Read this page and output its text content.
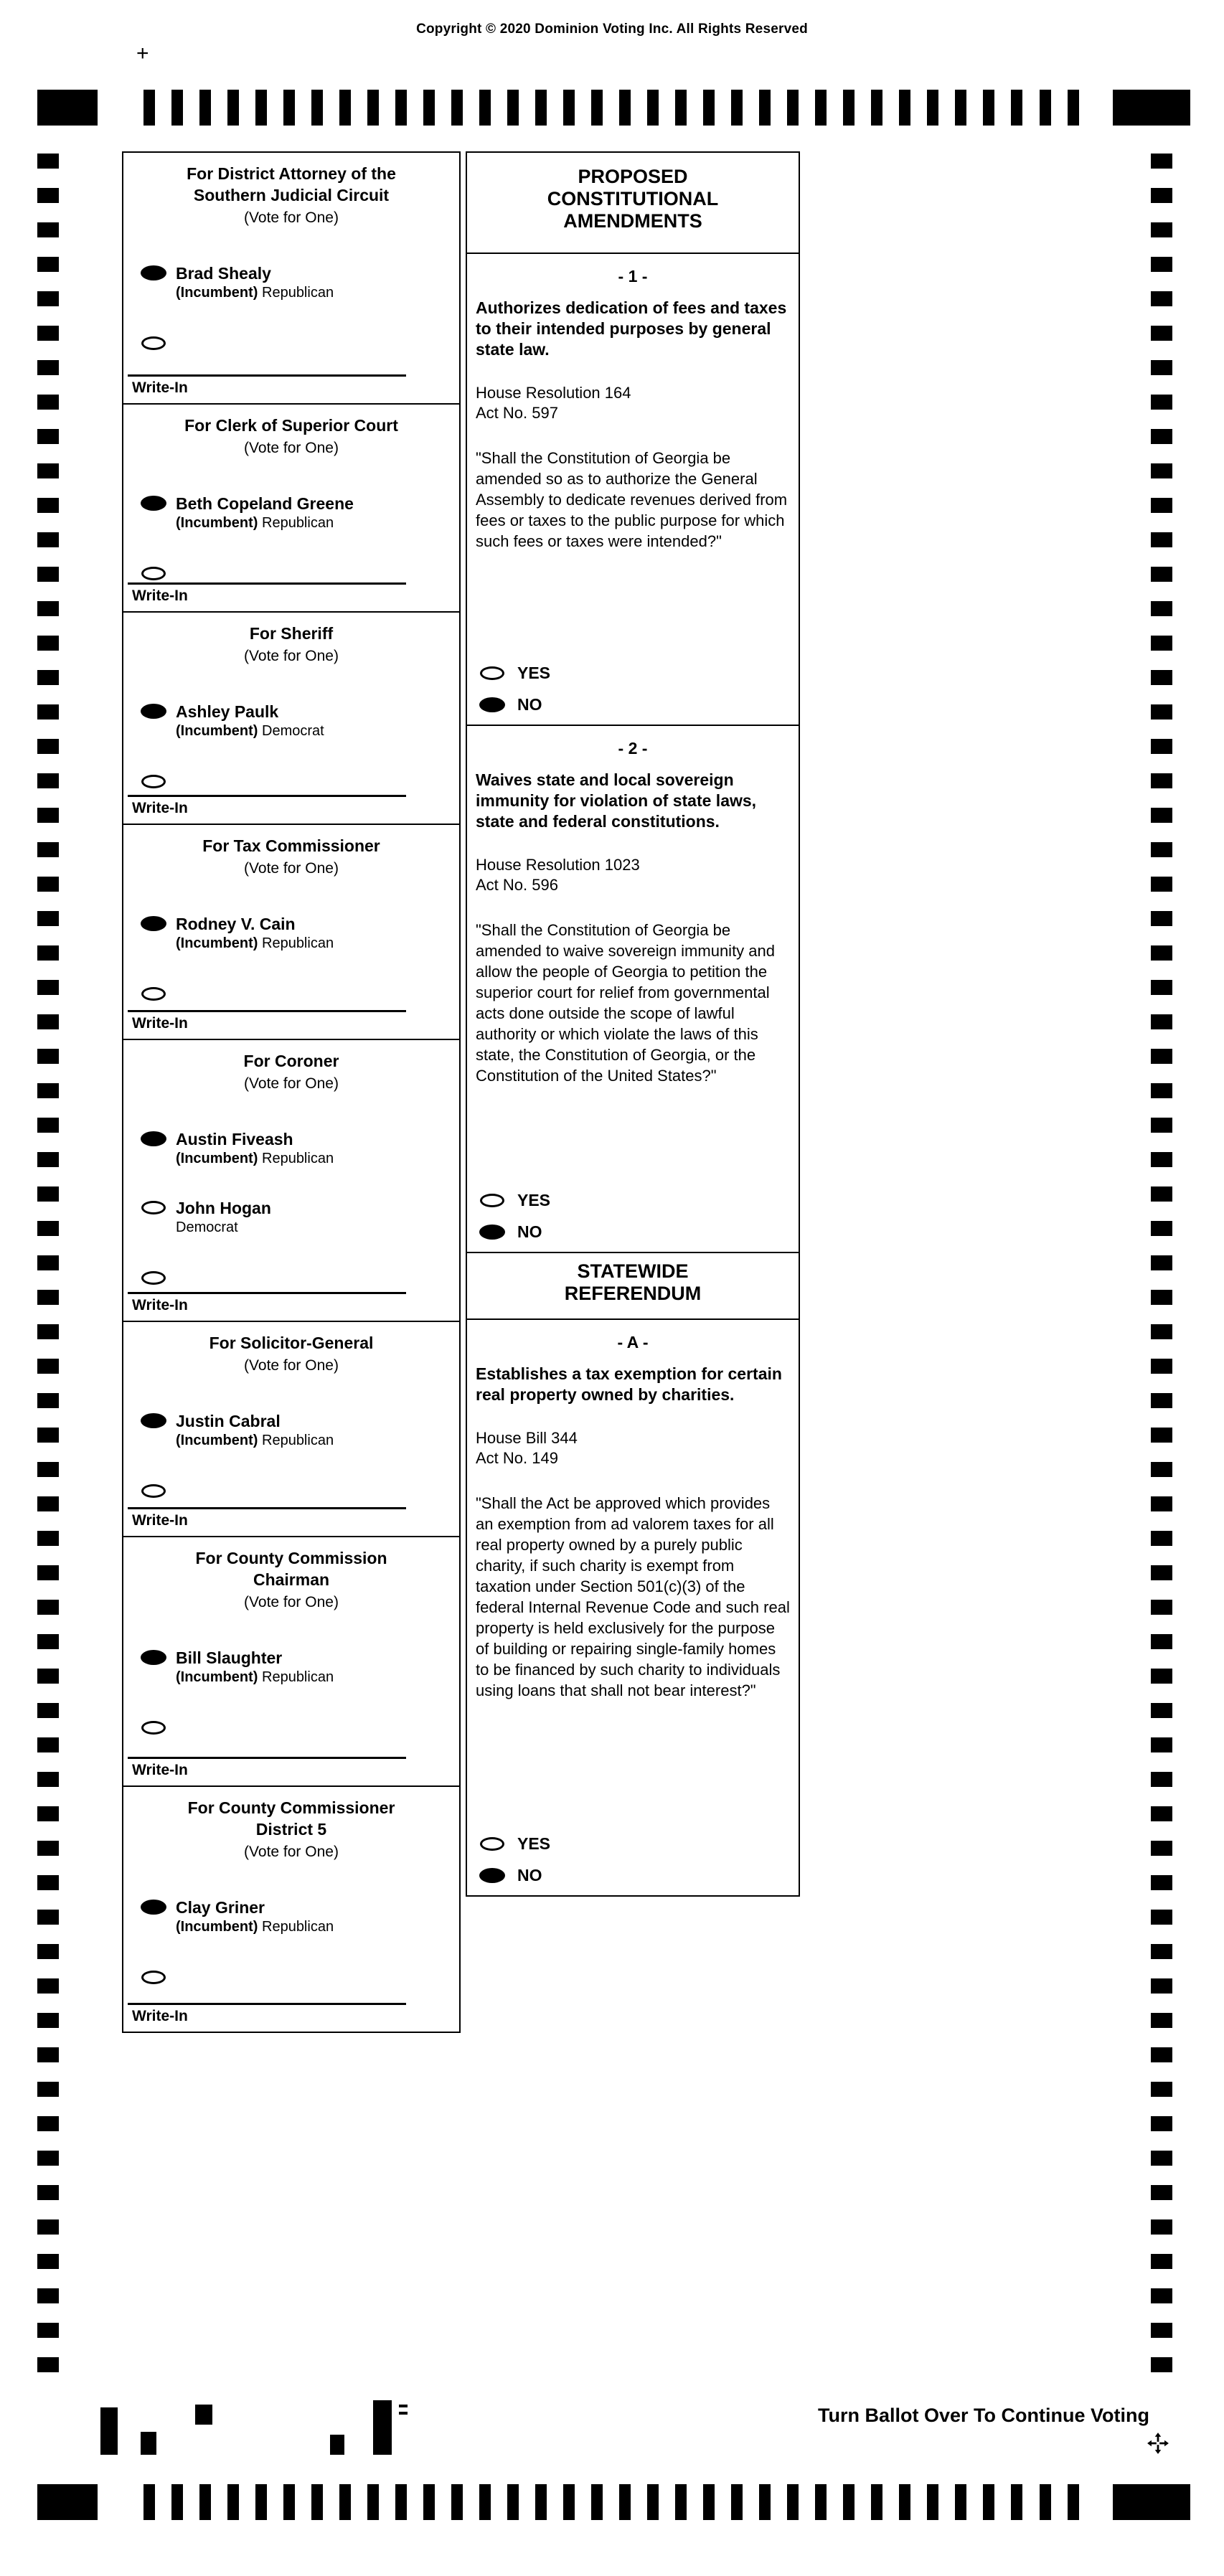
Copyright © 2020 Dominion Voting Inc. All Rights Reserved
+
For District Attorney of the
Southern Judicial Circuit
(Vote for One)
Brad Shealy
(Incumbent) Republican
Write-In
For Clerk of Superior Court
(Vote for One)
Beth Copeland Greene
(Incumbent) Republican
Write-In
For Sheriff
(Vote for One)
Ashley Paulk
(Incumbent) Democrat
Write-In
For Tax Commissioner
(Vote for One)
Rodney V. Cain
(Incumbent) Republican
Write-In
For Coroner
(Vote for One)
Austin Fiveash
(Incumbent) Republican
John Hogan
Democrat
Write-In
For Solicitor-General
(Vote for One)
Justin Cabral
(Incumbent) Republican
Write-In
For County Commission
Chairman
(Vote for One)
Bill Slaughter
(Incumbent) Republican
Write-In
For County Commissioner
District 5
(Vote for One)
Clay Griner
(Incumbent) Republican
Write-In
PROPOSED
CONSTITUTIONAL
AMENDMENTS
- 1 -
Authorizes dedication of fees and taxes to their intended purposes by general state law.
House Resolution 164
Act No. 597
"Shall the Constitution of Georgia be amended so as to authorize the General Assembly to dedicate revenues derived from fees or taxes to the public purpose for which such fees or taxes were intended?"
YES
NO
- 2 -
Waives state and local sovereign immunity for violation of state laws, state and federal constitutions.
House Resolution 1023
Act No. 596
"Shall the Constitution of Georgia be amended to waive sovereign immunity and allow the people of Georgia to petition the superior court for relief from governmental acts done outside the scope of lawful authority or which violate the laws of this state, the Constitution of Georgia, or the Constitution of the United States?"
YES
NO
STATEWIDE
REFERENDUM
- A -
Establishes a tax exemption for certain real property owned by charities.
House Bill 344
Act No. 149
"Shall the Act be approved which provides an exemption from ad valorem taxes for all real property owned by a purely public charity, if such charity is exempt from taxation under Section 501(c)(3) of the federal Internal Revenue Code and such real property is held exclusively for the purpose of building or repairing single-family homes to be financed by such charity to individuals using loans that shall not bear interest?"
YES
NO
Turn Ballot Over To Continue Voting
